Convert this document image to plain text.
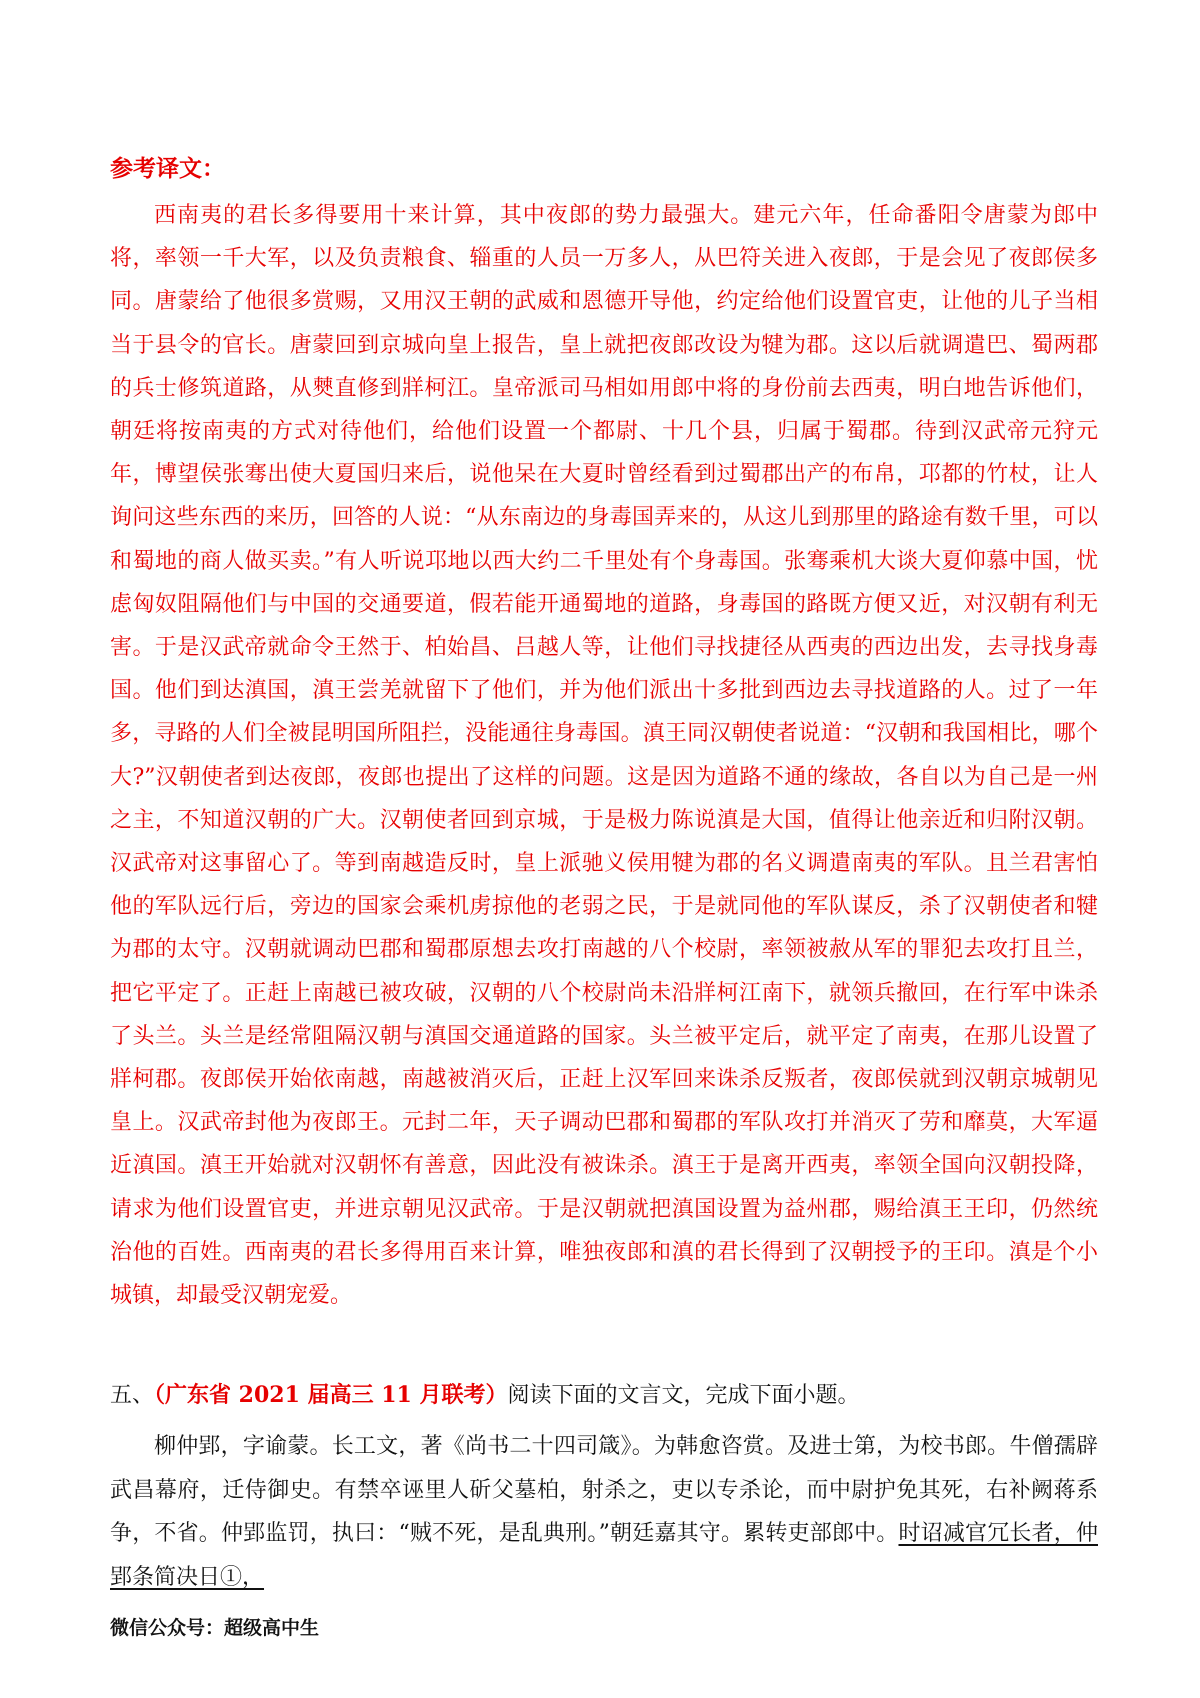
参考译文：

西南夷的君长多得要用十来计算，其中夜郎的势力最强大。建元六年，任命番阳令唐蒙为郎中将，率领一千大军，以及负责粮食、辎重的人员一万多人，从巴符关进入夜郎，于是会见了夜郎侯多同。唐蒙给了他很多赏赐，又用汉王朝的武威和恩德开导他，约定给他们设置官吏，让他的儿子当相当于县令的官长。唐蒙回到京城向皇上报告，皇上就把夜郎改设为犍为郡。这以后就调遣巴、蜀两郡的兵士修筑道路，从僰直修到牂柯江。皇帝派司马相如用郎中将的身份前去西夷，明白地告诉他们，朝廷将按南夷的方式对待他们，给他们设置一个都尉、十几个县，归属于蜀郡。待到汉武帝元狩元年，博望侯张骞出使大夏国归来后，说他呆在大夏时曾经看到过蜀郡出产的布帛，邛都的竹杖，让人询问这些东西的来历，回答的人说：“从东南边的身毒国弄来的，从这儿到那里的路途有数千里，可以和蜀地的商人做买卖。”有人听说邛地以西大约二千里处有个身毒国。张骞乘机大谈大夏仰慕中国，忧虑匈奴阻隔他们与中国的交通要道，假若能开通蜀地的道路，身毒国的路既方便又近，对汉朝有利无害。于是汉武帝就命令王然于、柏始昌、吕越人等，让他们寻找捷径从西夷的西边出发，去寻找身毒国。他们到达滇国，滇王尝羌就留下了他们，并为他们派出十多批到西边去寻找道路的人。过了一年多，寻路的人们全被昆明国所阻拦，没能通往身毒国。滇王同汉朝使者说道：“汉朝和我国相比，哪个大?”汉朝使者到达夜郎，夜郎也提出了这样的问题。这是因为道路不通的缘故，各自以为自己是一州之主，不知道汉朝的广大。汉朝使者回到京城，于是极力陈说滇是大国，值得让他亲近和归附汉朝。汉武帝对这事留心了。等到南越造反时，皇上派驰义侯用犍为郡的名义调遣南夷的军队。且兰君害怕他的军队远行后，旁边的国家会乘机虏掠他的老弱之民，于是就同他的军队谋反，杀了汉朝使者和犍为郡的太守。汉朝就调动巴郡和蜀郡原想去攻打南越的八个校尉，率领被赦从军的罪犯去攻打且兰，把它平定了。正赶上南越已被攻破，汉朝的八个校尉尚未沿牂柯江南下，就领兵撤回，在行军中诛杀了头兰。头兰是经常阻隔汉朝与滇国交通道路的国家。头兰被平定后，就平定了南夷，在那儿设置了牂柯郡。夜郎侯开始依南越，南越被消灭后，正赶上汉军回来诛杀反叛者，夜郎侯就到汉朝京城朝见皇上。汉武帝封他为夜郎王。元封二年，天子调动巴郡和蜀郡的军队攻打并消灭了劳和靡莫，大军逼近滇国。滇王开始就对汉朝怀有善意，因此没有被诛杀。滇王于是离开西夷，率领全国向汉朝投降，请求为他们设置官吏，并进京朝见汉武帝。于是汉朝就把滇国设置为益州郡，赐给滇王王印，仍然统治他的百姓。西南夷的君长多得用百来计算，唯独夜郎和滇的君长得到了汉朝授予的王印。滇是个小城镇，却最受汉朝宠爱。

五、（广东省 2021 届高三 11 月联考）阅读下面的文言文，完成下面小题。

柳仲郢，字谕蒙。长工文，著《尚书二十四司箴》。为韩愈咨赏。及进士第，为校书郎。牛僧孺辟武昌幕府，迁侍御史。有禁卒诬里人斫父墓柏，射杀之，吏以专杀论，而中尉护免其死，右补阙蒋系争，不省。仲郢监罚，执曰：“贼不死，是乱典刑。”朝廷嘉其守。累转吏部郎中。时诏减官冗长者，仲郢条简决日①，

微信公众号：超级高中生
